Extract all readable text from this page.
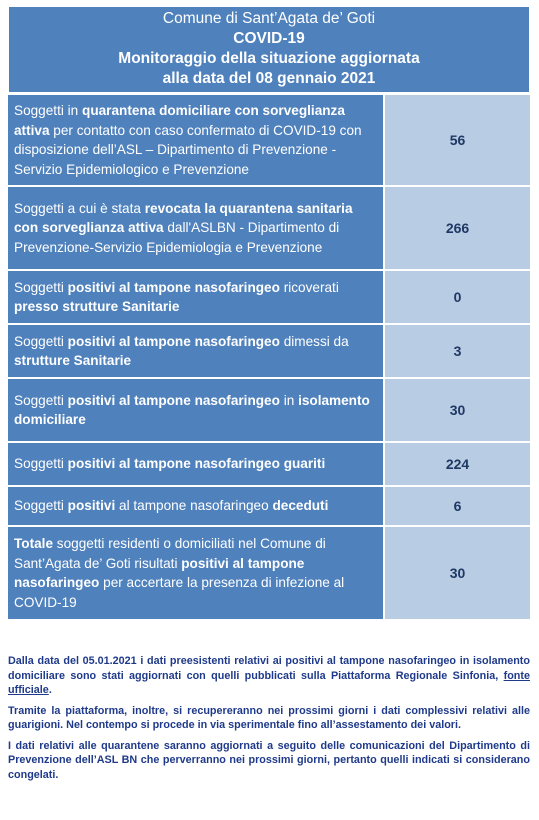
Comune di Sant’Agata de’ Goti
COVID-19
Monitoraggio della situazione aggiornata
alla data del 08 gennaio 2021
Soggetti in quarantena domiciliare con sorveglianza attiva per contatto con caso confermato di COVID-19 con disposizione dell’ASL – Dipartimento di Prevenzione - Servizio Epidemiologico e Prevenzione
56
Soggetti a cui è stata revocata la quarantena sanitaria con sorveglianza attiva dall'ASLBN - Dipartimento di Prevenzione-Servizio Epidemiologia e Prevenzione
266
Soggetti positivi al tampone nasofaringeo ricoverati presso strutture Sanitarie
0
Soggetti positivi al tampone nasofaringeo dimessi da strutture Sanitarie
3
Soggetti positivi al tampone nasofaringeo in isolamento domiciliare
30
Soggetti positivi al tampone nasofaringeo guariti	224
Soggetti positivi al tampone nasofaringeo deceduti	6
Totale soggetti residenti o domiciliati nel Comune di Sant’Agata de’ Goti risultati positivi al tampone nasofaringeo per accertare la presenza di infezione al COVID-19
30

Dalla data del 05.01.2021 i dati preesistenti relativi ai positivi al tampone nasofaringeo in isolamento domiciliare sono stati aggiornati con quelli pubblicati sulla Piattaforma Regionale Sinfonia, fonte ufficiale.

Tramite la piattaforma, inoltre, si recupereranno nei prossimi giorni i dati complessivi relativi alle guarigioni. Nel contempo si procede in via sperimentale fino all’assestamento dei valori.

I dati relativi alle quarantene saranno aggiornati a seguito delle comunicazioni del Dipartimento di Prevenzione dell’ASL BN che perverranno nei prossimi giorni, pertanto quelli indicati si considerano congelati.
